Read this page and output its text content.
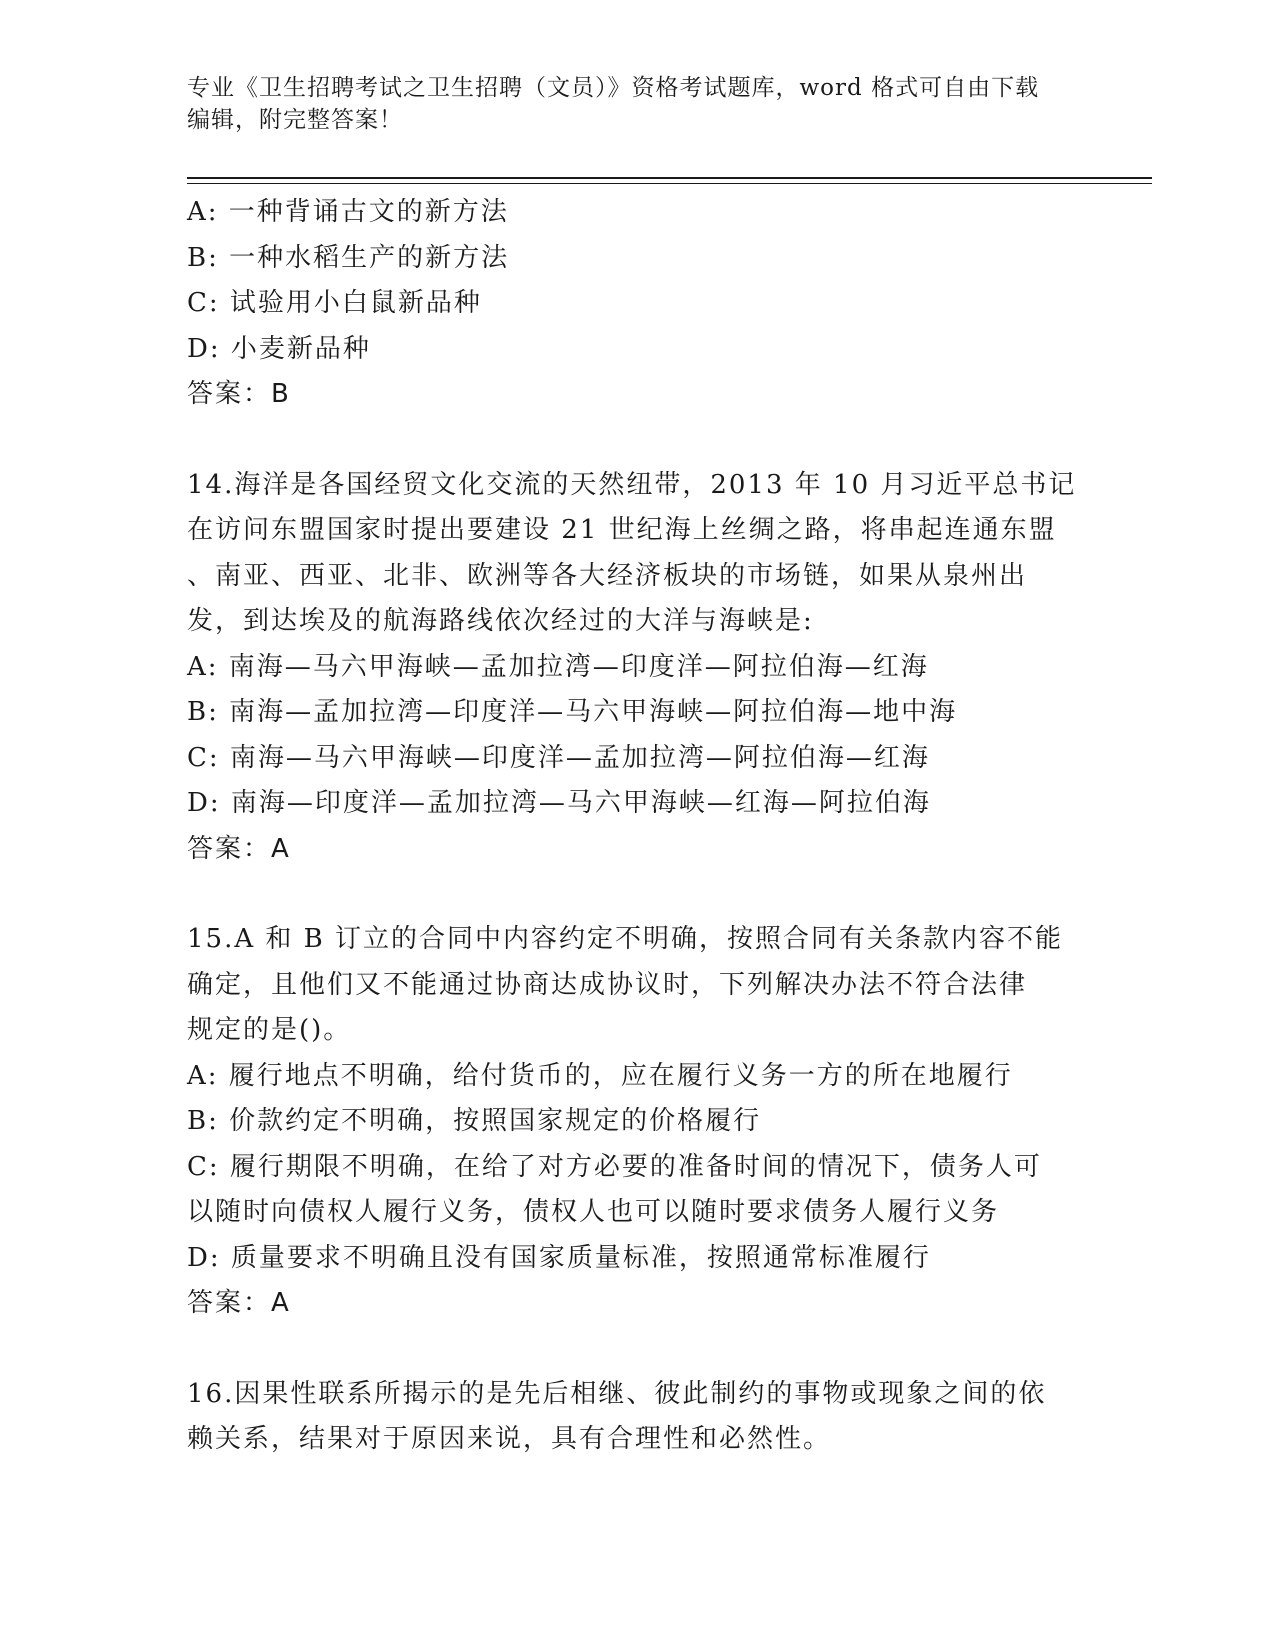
专业《卫生招聘考试之卫生招聘（文员）》资格考试题库，word 格式可自由下载
编辑，附完整答案！
A: 一种背诵古文的新方法
B: 一种水稻生产的新方法
C: 试验用小白鼠新品种
D: 小麦新品种
答案：B
14.海洋是各国经贸文化交流的天然纽带，2013 年 10 月习近平总书记
在访问东盟国家时提出要建设 21 世纪海上丝绸之路，将串起连通东盟
、南亚、西亚、北非、欧洲等各大经济板块的市场链，如果从泉州出
发，到达埃及的航海路线依次经过的大洋与海峡是:
A: 南海—马六甲海峡—孟加拉湾—印度洋—阿拉伯海—红海
B: 南海—孟加拉湾—印度洋—马六甲海峡—阿拉伯海—地中海
C: 南海—马六甲海峡—印度洋—孟加拉湾—阿拉伯海—红海
D: 南海—印度洋—孟加拉湾—马六甲海峡—红海—阿拉伯海
答案：A
15.A 和 B 订立的合同中内容约定不明确，按照合同有关条款内容不能
确定，且他们又不能通过协商达成协议时，下列解决办法不符合法律
规定的是()。
A: 履行地点不明确，给付货币的，应在履行义务一方的所在地履行
B: 价款约定不明确，按照国家规定的价格履行
C: 履行期限不明确，在给了对方必要的准备时间的情况下，债务人可
以随时向债权人履行义务，债权人也可以随时要求债务人履行义务
D: 质量要求不明确且没有国家质量标准，按照通常标准履行
答案：A
16.因果性联系所揭示的是先后相继、彼此制约的事物或现象之间的依
赖关系，结果对于原因来说，具有合理性和必然性。
